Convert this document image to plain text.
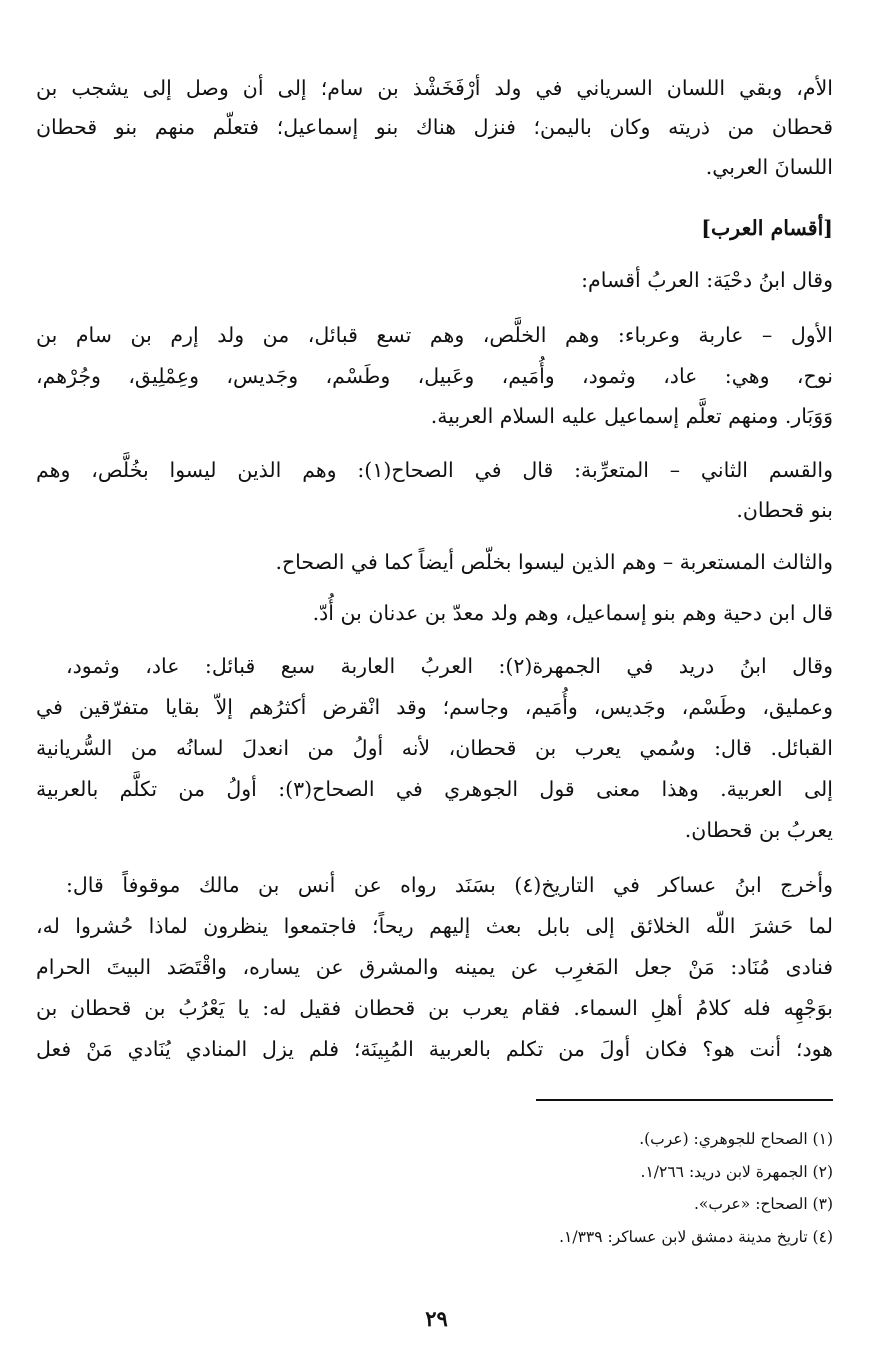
الأم، وبقي اللسان السرياني في ولد أرْفَخَشْذ بن سام؛ إلى أن وصل إلى يشجب بن
قحطان من ذريته وكان باليمن؛ فنزل هناك بنو إسماعيل؛ فتعلّم منهم بنو قحطان
اللسانَ العربي.
[أقسام العرب]
وقال ابنُ دحْيَة: العربُ أقسام:
الأول – عاربة وعرباء: وهم الخلَّص، وهم تسع قبائل، من ولد إرم بن سام بن
نوح، وهي: عاد، وثمود، وأُمَيم، وعَبيل، وطَسْم، وجَديس، وعِمْلِيق، وجُرْهم،
وَوَبَار. ومنهم تعلَّم إسماعيل عليه السلام العربية.
والقسم الثاني – المتعرِّبة: قال في الصحاح(١): وهم الذين ليسوا بخُلَّص، وهم
بنو قحطان.
والثالث المستعربة – وهم الذين ليسوا بخلّص أيضاً كما في الصحاح.
قال ابن دحية وهم بنو إسماعيل، وهم ولد معدّ بن عدنان بن أُدّ.
وقال ابنُ دريد في الجمهرة(٢): العربُ العاربة سبع قبائل: عاد، وثمود،
وعمليق، وطَسْم، وجَديس، وأُمَيم، وجاسم؛ وقد انْقرض أكثرُهم إلاّ بقايا متفرّقين في
القبائل. قال: وسُمي يعرب بن قحطان، لأنه أولُ من انعدلَ لسانُه من السُّريانية
إلى العربية. وهذا معنى قول الجوهري في الصحاح(٣): أولُ من تكلَّم بالعربية
يعربُ بن قحطان.
وأخرج ابنُ عساكر في التاريخ(٤) بسَنَد رواه عن أنس بن مالك موقوفاً قال:
لما حَشرَ اللّه الخلائق إلى بابل بعث إليهم ريحاً؛ فاجتمعوا ينظرون لماذا حُشروا له،
فنادى مُنَاد: مَنْ جعل المَغرِب عن يمينه والمشرق عن يساره، واقْتَصَد البيتَ الحرام
بوَجْهِه فله كلامُ أهلِ السماء. فقام يعرب بن قحطان فقيل له: يا يَعْرُبُ بن قحطان بن
هود؛ أنت هو؟ فكان أولَ من تكلم بالعربية المُبِينَة؛ فلم يزل المنادي يُنَادي مَنْ فعل
(١) الصحاح للجوهري: (عرب).
(٢) الجمهرة لابن دريد: ١/٢٦٦.
(٣) الصحاح: «عرب».
(٤) تاريخ مدينة دمشق لابن عساكر: ١/٣٣٩.
٢٩
